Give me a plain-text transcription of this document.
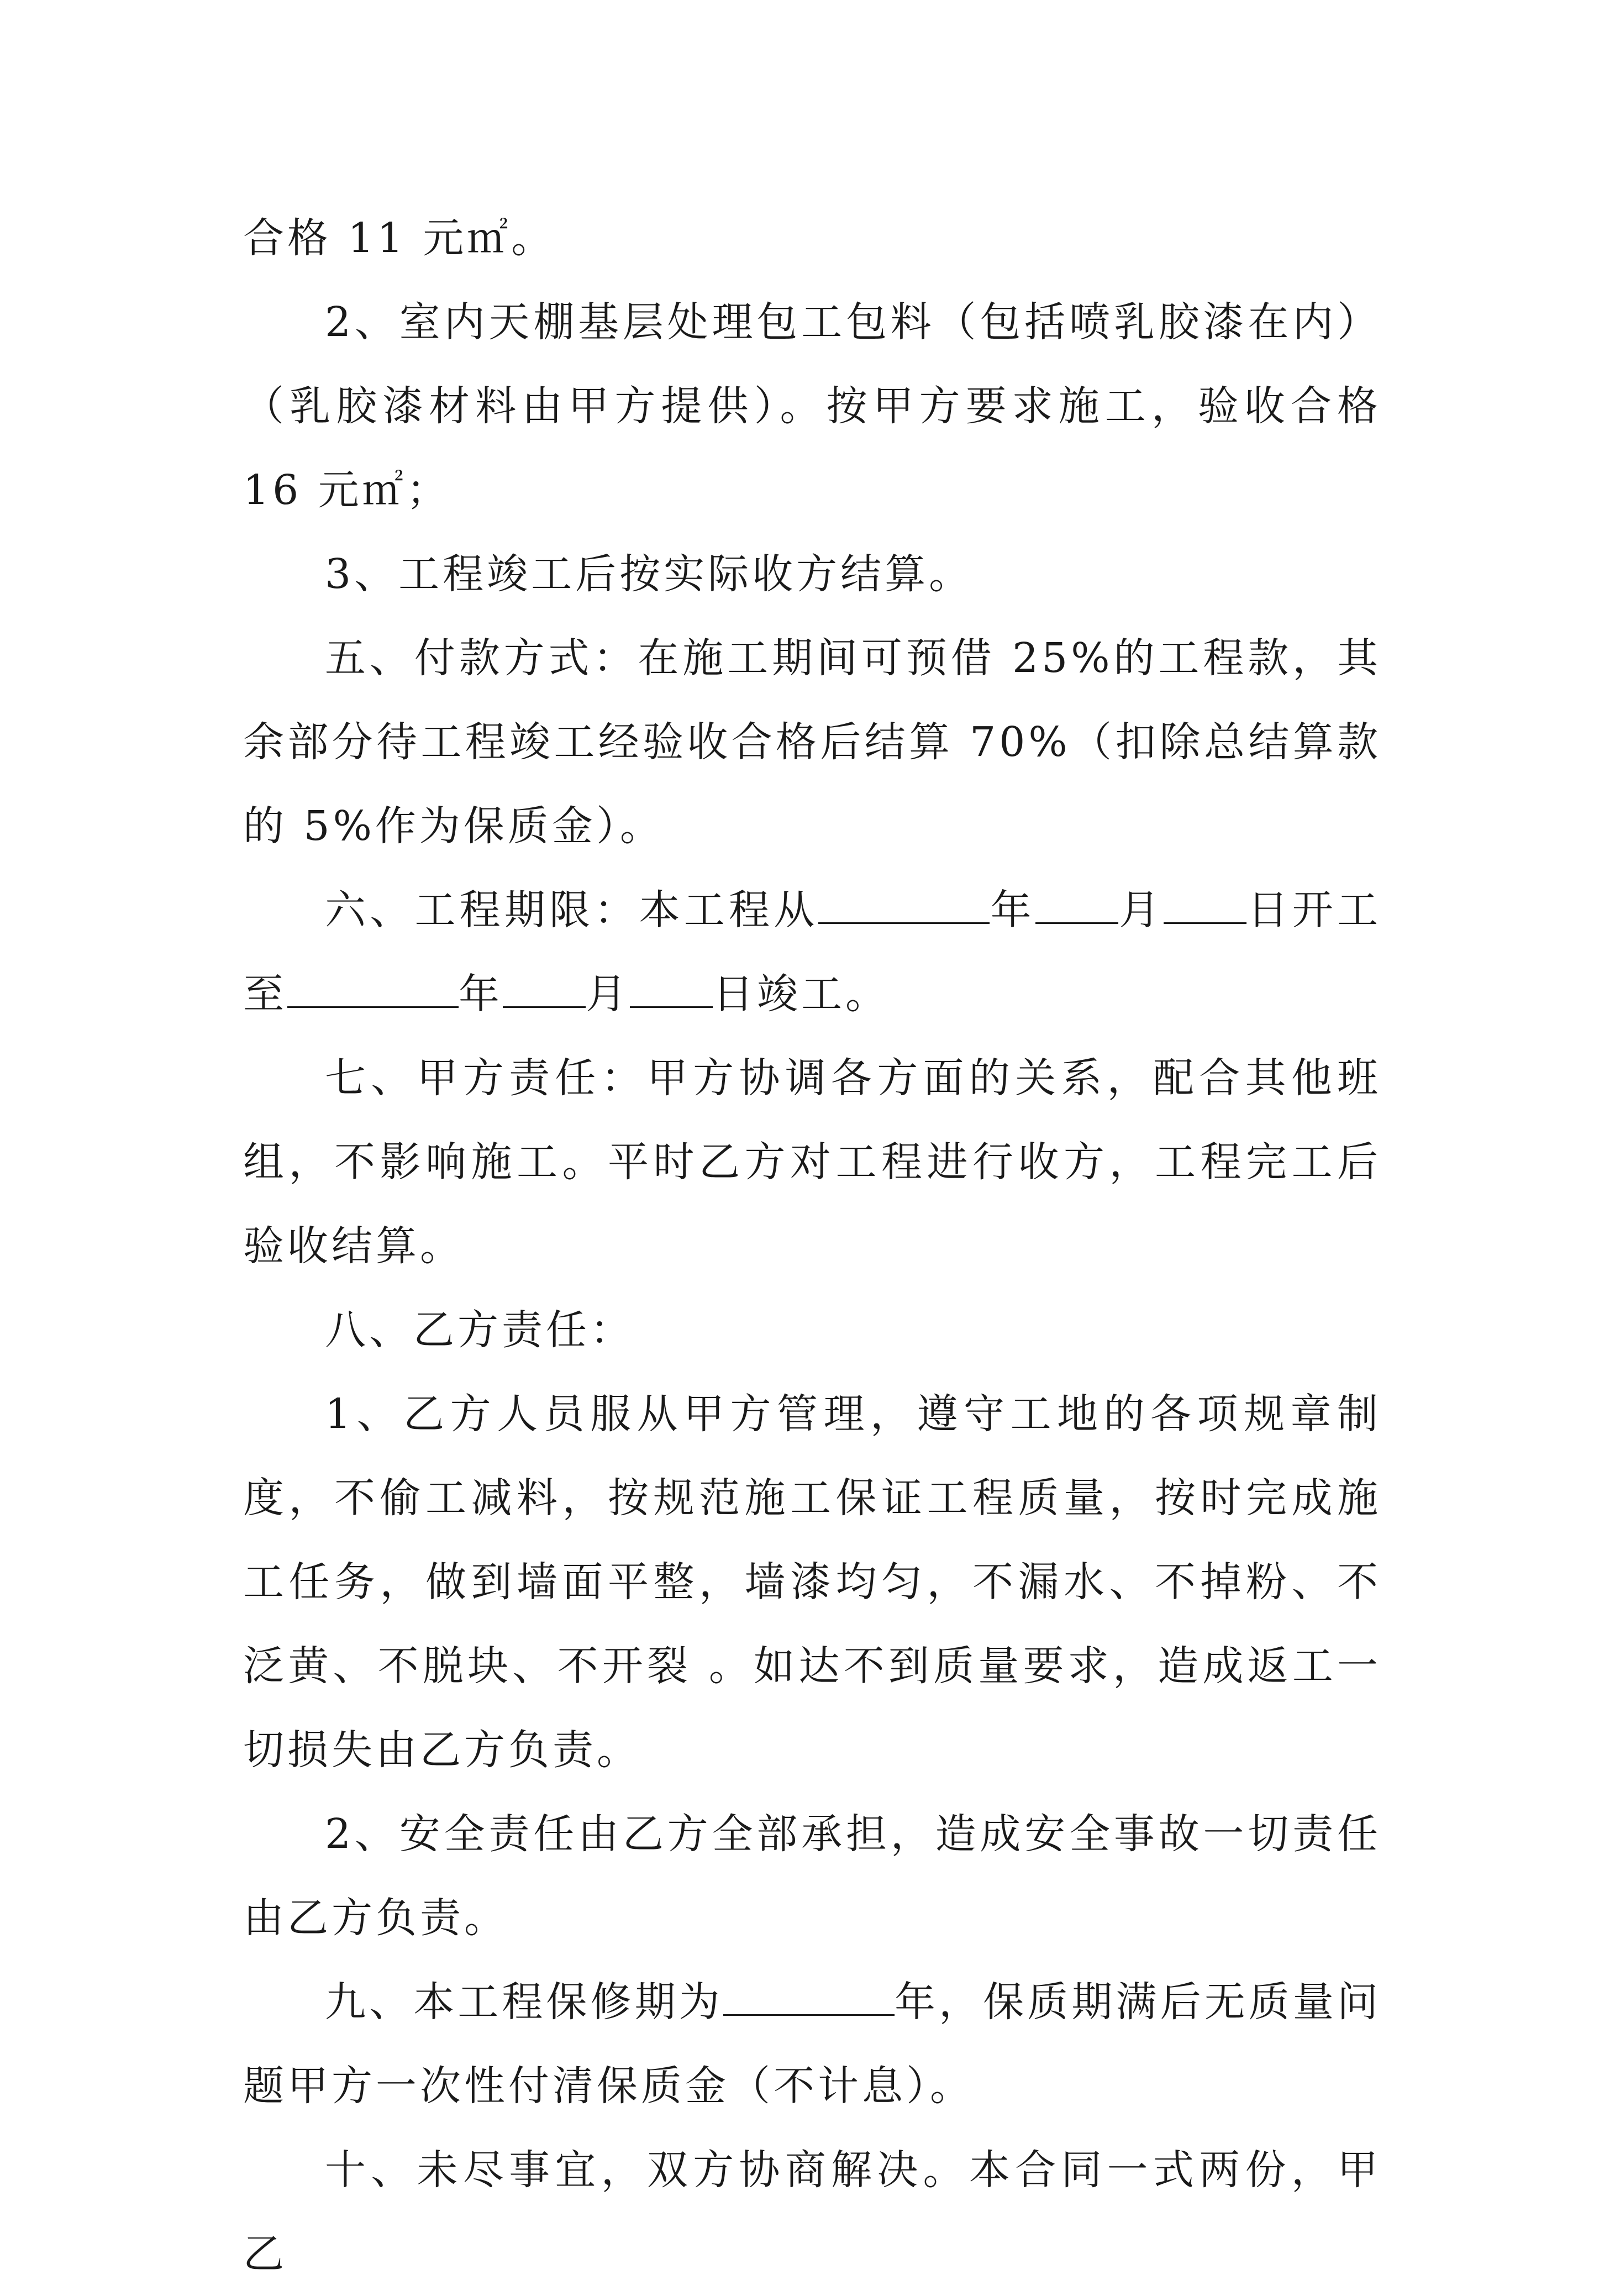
合格 11 元㎡。

2、室内天棚基层处理包工包料（包括喷乳胶漆在内）（乳胶漆材料由甲方提供）。按甲方要求施工，验收合格 16 元㎡；

3、工程竣工后按实际收方结算。

五、付款方式：在施工期间可预借 25%的工程款，其余部分待工程竣工经验收合格后结算 70%（扣除总结算款的 5%作为保质金）。

六、工程期限：本工程从	年 月 日开工至	年 月 日竣工。

七、甲方责任：甲方协调各方面的关系，配合其他班组，不影响施工。平时乙方对工程进行收方，工程完工后验收结算。

八、乙方责任：

1、乙方人员服从甲方管理，遵守工地的各项规章制度，不偷工减料，按规范施工保证工程质量，按时完成施工任务，做到墙面平整，墙漆均匀，不漏水、不掉粉、不泛黄、不脱块、不开裂 。如达不到质量要求，造成返工一切损失由乙方负责。

2、安全责任由乙方全部承担，造成安全事故一切责任由乙方负责。

九、本工程保修期为	年，保质期满后无质量问题甲方一次性付清保质金（不计息）。

十、未尽事宜，双方协商解决。本合同一式两份，甲乙
